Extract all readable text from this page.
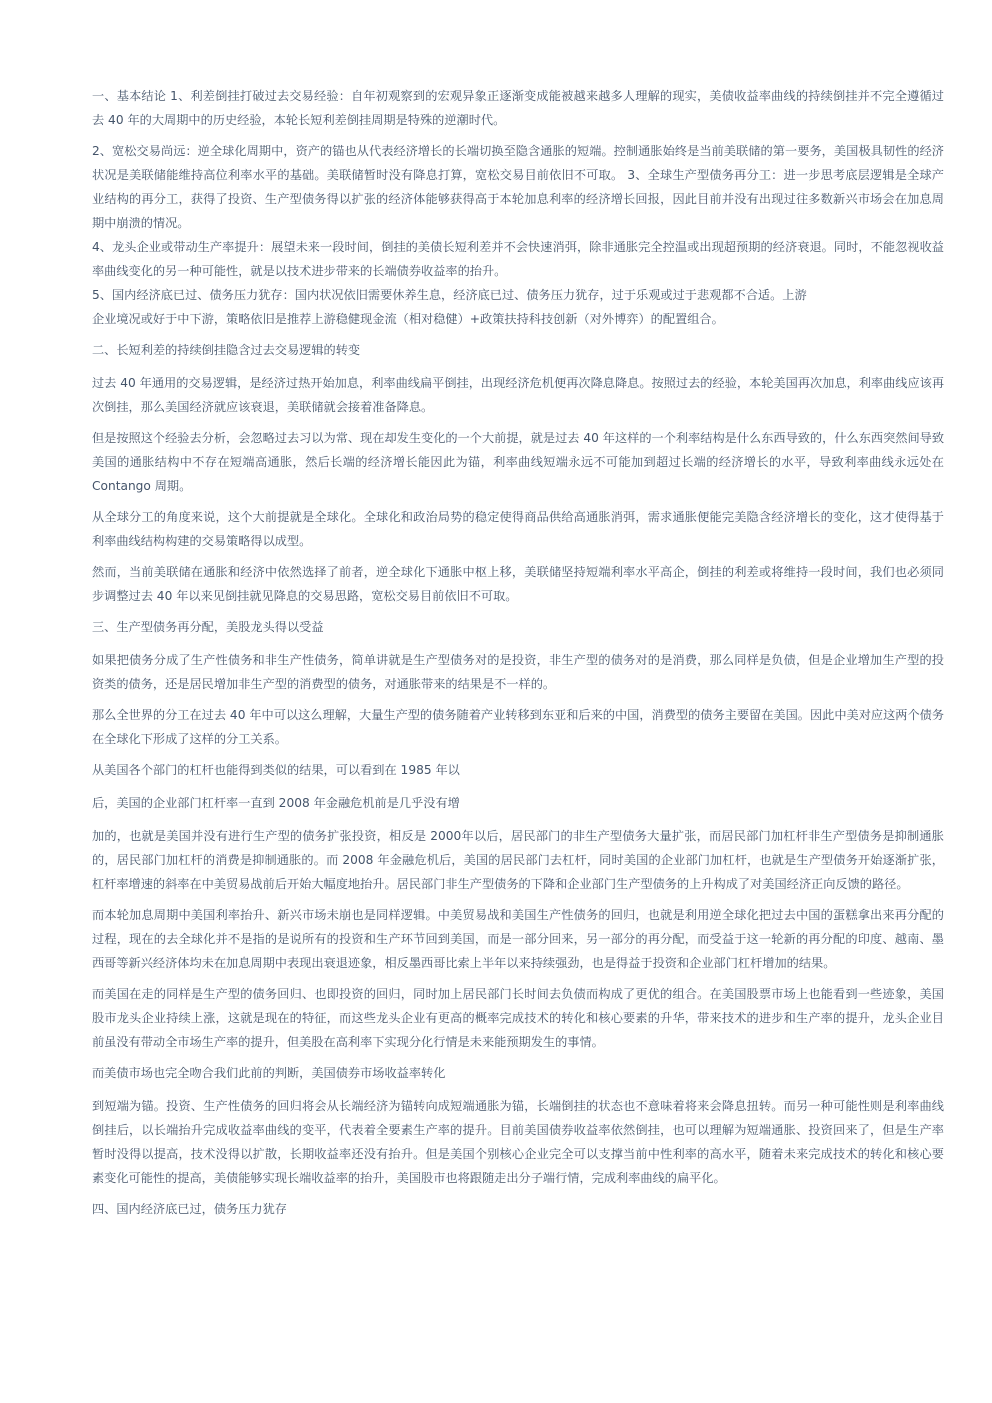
一、基本结论 1、利差倒挂打破过去交易经验：自年初观察到的宏观异象正逐渐变成能被越来越多人理解的现实，美债收益率曲线的持续倒挂并不完全遵循过去 40 年的大周期中的历史经验，本轮长短利差倒挂周期是特殊的逆潮时代。

2、宽松交易尚远：逆全球化周期中，资产的锚也从代表经济增长的长端切换至隐含通胀的短端。控制通胀始终是当前美联储的第一要务，美国极具韧性的经济状况是美联储能维持高位利率水平的基础。美联储暂时没有降息打算，宽松交易目前依旧不可取。 3、全球生产型债务再分工：进一步思考底层逻辑是全球产业结构的再分工，获得了投资、生产型债务得以扩张的经济体能够获得高于本轮加息利率的经济增长回报，因此目前并没有出现过往多数新兴市场会在加息周期中崩溃的情况。

4、龙头企业或带动生产率提升：展望未来一段时间，倒挂的美债长短利差并不会快速消弭，除非通胀完全控温或出现超预期的经济衰退。同时，不能忽视收益率曲线变化的另一种可能性，就是以技术进步带来的长端债券收益率的抬升。

5、国内经济底已过、债务压力犹存：国内状况依旧需要休养生息，经济底已过、债务压力犹存，过于乐观或过于悲观都不合适。上游

企业境况或好于中下游，策略依旧是推荐上游稳健现金流（相对稳健）+政策扶持科技创新（对外博弈）的配置组合。

二、长短利差的持续倒挂隐含过去交易逻辑的转变

过去 40 年通用的交易逻辑，是经济过热开始加息，利率曲线扁平倒挂，出现经济危机便再次降息降息。按照过去的经验，本轮美国再次加息，利率曲线应该再次倒挂，那么美国经济就应该衰退，美联储就会接着准备降息。

但是按照这个经验去分析，会忽略过去习以为常、现在却发生变化的一个大前提，就是过去 40 年这样的一个利率结构是什么东西导致的，什么东西突然间导致美国的通胀结构中不存在短端高通胀，然后长端的经济增长能因此为锚，利率曲线短端永远不可能加到超过长端的经济增长的水平，导致利率曲线永远处在 Contango 周期。

从全球分工的角度来说，这个大前提就是全球化。全球化和政治局势的稳定使得商品供给高通胀消弭，需求通胀便能完美隐含经济增长的变化，这才使得基于利率曲线结构构建的交易策略得以成型。

然而，当前美联储在通胀和经济中依然选择了前者，逆全球化下通胀中枢上移，美联储坚持短端利率水平高企，倒挂的利差或将维持一段时间，我们也必须同步调整过去 40 年以来见倒挂就见降息的交易思路，宽松交易目前依旧不可取。

三、生产型债务再分配，美股龙头得以受益

如果把债务分成了生产性债务和非生产性债务，简单讲就是生产型债务对的是投资，非生产型的债务对的是消费，那么同样是负债，但是企业增加生产型的投资类的债务，还是居民增加非生产型的消费型的债务，对通胀带来的结果是不一样的。

那么全世界的分工在过去 40 年中可以这么理解，大量生产型的债务随着产业转移到东亚和后来的中国，消费型的债务主要留在美国。因此中美对应这两个债务在全球化下形成了这样的分工关系。

从美国各个部门的杠杆也能得到类似的结果，可以看到在 1985 年以

后，美国的企业部门杠杆率一直到 2008 年金融危机前是几乎没有增

加的，也就是美国并没有进行生产型的债务扩张投资，相反是 2000年以后，居民部门的非生产型债务大量扩张，而居民部门加杠杆非生产型债务是抑制通胀的，居民部门加杠杆的消费是抑制通胀的。而 2008 年金融危机后，美国的居民部门去杠杆，同时美国的企业部门加杠杆，也就是生产型债务开始逐渐扩张，杠杆率增速的斜率在中美贸易战前后开始大幅度地抬升。居民部门非生产型债务的下降和企业部门生产型债务的上升构成了对美国经济正向反馈的路径。

而本轮加息周期中美国利率抬升、新兴市场未崩也是同样逻辑。中美贸易战和美国生产性债务的回归，也就是利用逆全球化把过去中国的蛋糕拿出来再分配的过程，现在的去全球化并不是指的是说所有的投资和生产环节回到美国，而是一部分回来，另一部分的再分配，而受益于这一轮新的再分配的印度、越南、墨西哥等新兴经济体均未在加息周期中表现出衰退迹象，相反墨西哥比索上半年以来持续强劲，也是得益于投资和企业部门杠杆增加的结果。

而美国在走的同样是生产型的债务回归、也即投资的回归，同时加上居民部门长时间去负债而构成了更优的组合。在美国股票市场上也能看到一些迹象，美国股市龙头企业持续上涨，这就是现在的特征，而这些龙头企业有更高的概率完成技术的转化和核心要素的升华，带来技术的进步和生产率的提升，龙头企业目前虽没有带动全市场生产率的提升，但美股在高利率下实现分化行情是未来能预期发生的事情。

而美债市场也完全吻合我们此前的判断，美国债券市场收益率转化

到短端为锚。投资、生产性债务的回归将会从长端经济为锚转向成短端通胀为锚，长端倒挂的状态也不意味着将来会降息扭转。而另一种可能性则是利率曲线倒挂后，以长端抬升完成收益率曲线的变平，代表着全要素生产率的提升。目前美国债券收益率依然倒挂，也可以理解为短端通胀、投资回来了，但是生产率暂时没得以提高，技术没得以扩散，长期收益率还没有抬升。但是美国个别核心企业完全可以支撑当前中性利率的高水平，随着未来完成技术的转化和核心要素变化可能性的提高，美债能够实现长端收益率的抬升，美国股市也将跟随走出分子端行情，完成利率曲线的扁平化。

四、国内经济底已过，债务压力犹存
